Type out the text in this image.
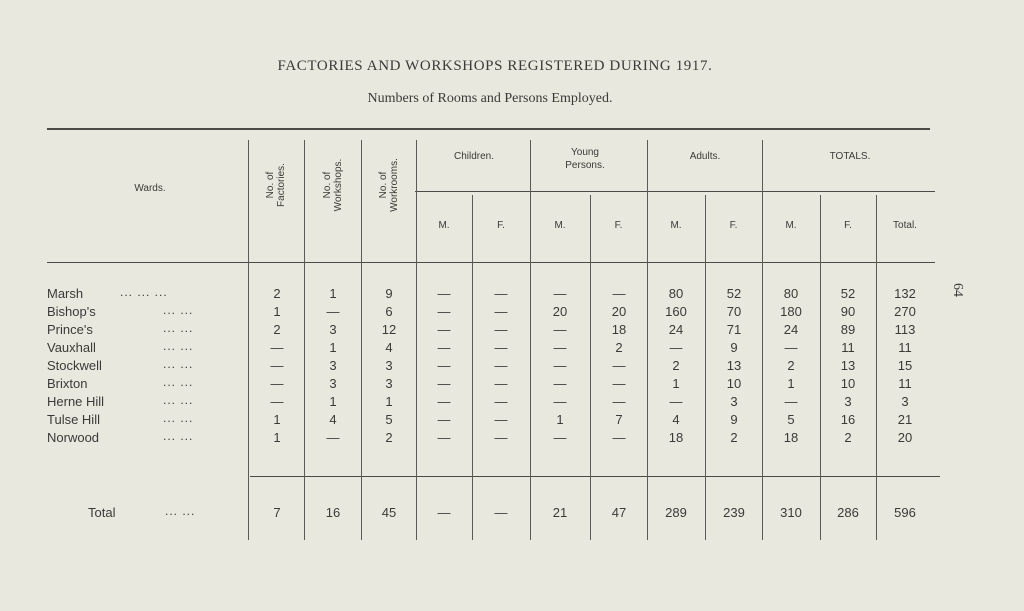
FACTORIES AND WORKSHOPS REGISTERED DURING 1917.
Numbers of Rooms and Persons Employed.
64
Wards.	No. of Factories.	No. of Workshops.	No. of Workrooms.
Children.	Young Persons.
Adults.	TOTALS.
M.	F.	M.	F.	M.	F.	M.	F.	Total.
Marsh	... ... ...	2	1	9	—	—	—	—	80	52	80	52	132
Bishop's	... ...	1	—	6	—	—	20	20	160	70	180	90	270
Prince's	... ...	2	3	12	—	—	—	18	24	71	24	89	113
Vauxhall	... ...	—	1	4	—	—	—	2	—	9	—	11	11
Stockwell	... ...	—	3	3	—	—	—	—	2	13	2	13	15
Brixton	... ...	—	3	3	—	—	—	—	1	10	1	10	11
Herne Hill	... ...	—	1	1	—	—	—	—	—	3	—	3	3
Tulse Hill	... ...	1	4	5	—	—	1	7	4	9	5	16	21
Norwood	... ...	1	—	2	—	—	—	—	18	2	18	2	20
Total	... ...	7	16	45	—	—	21	47	289	239	310	286	596
